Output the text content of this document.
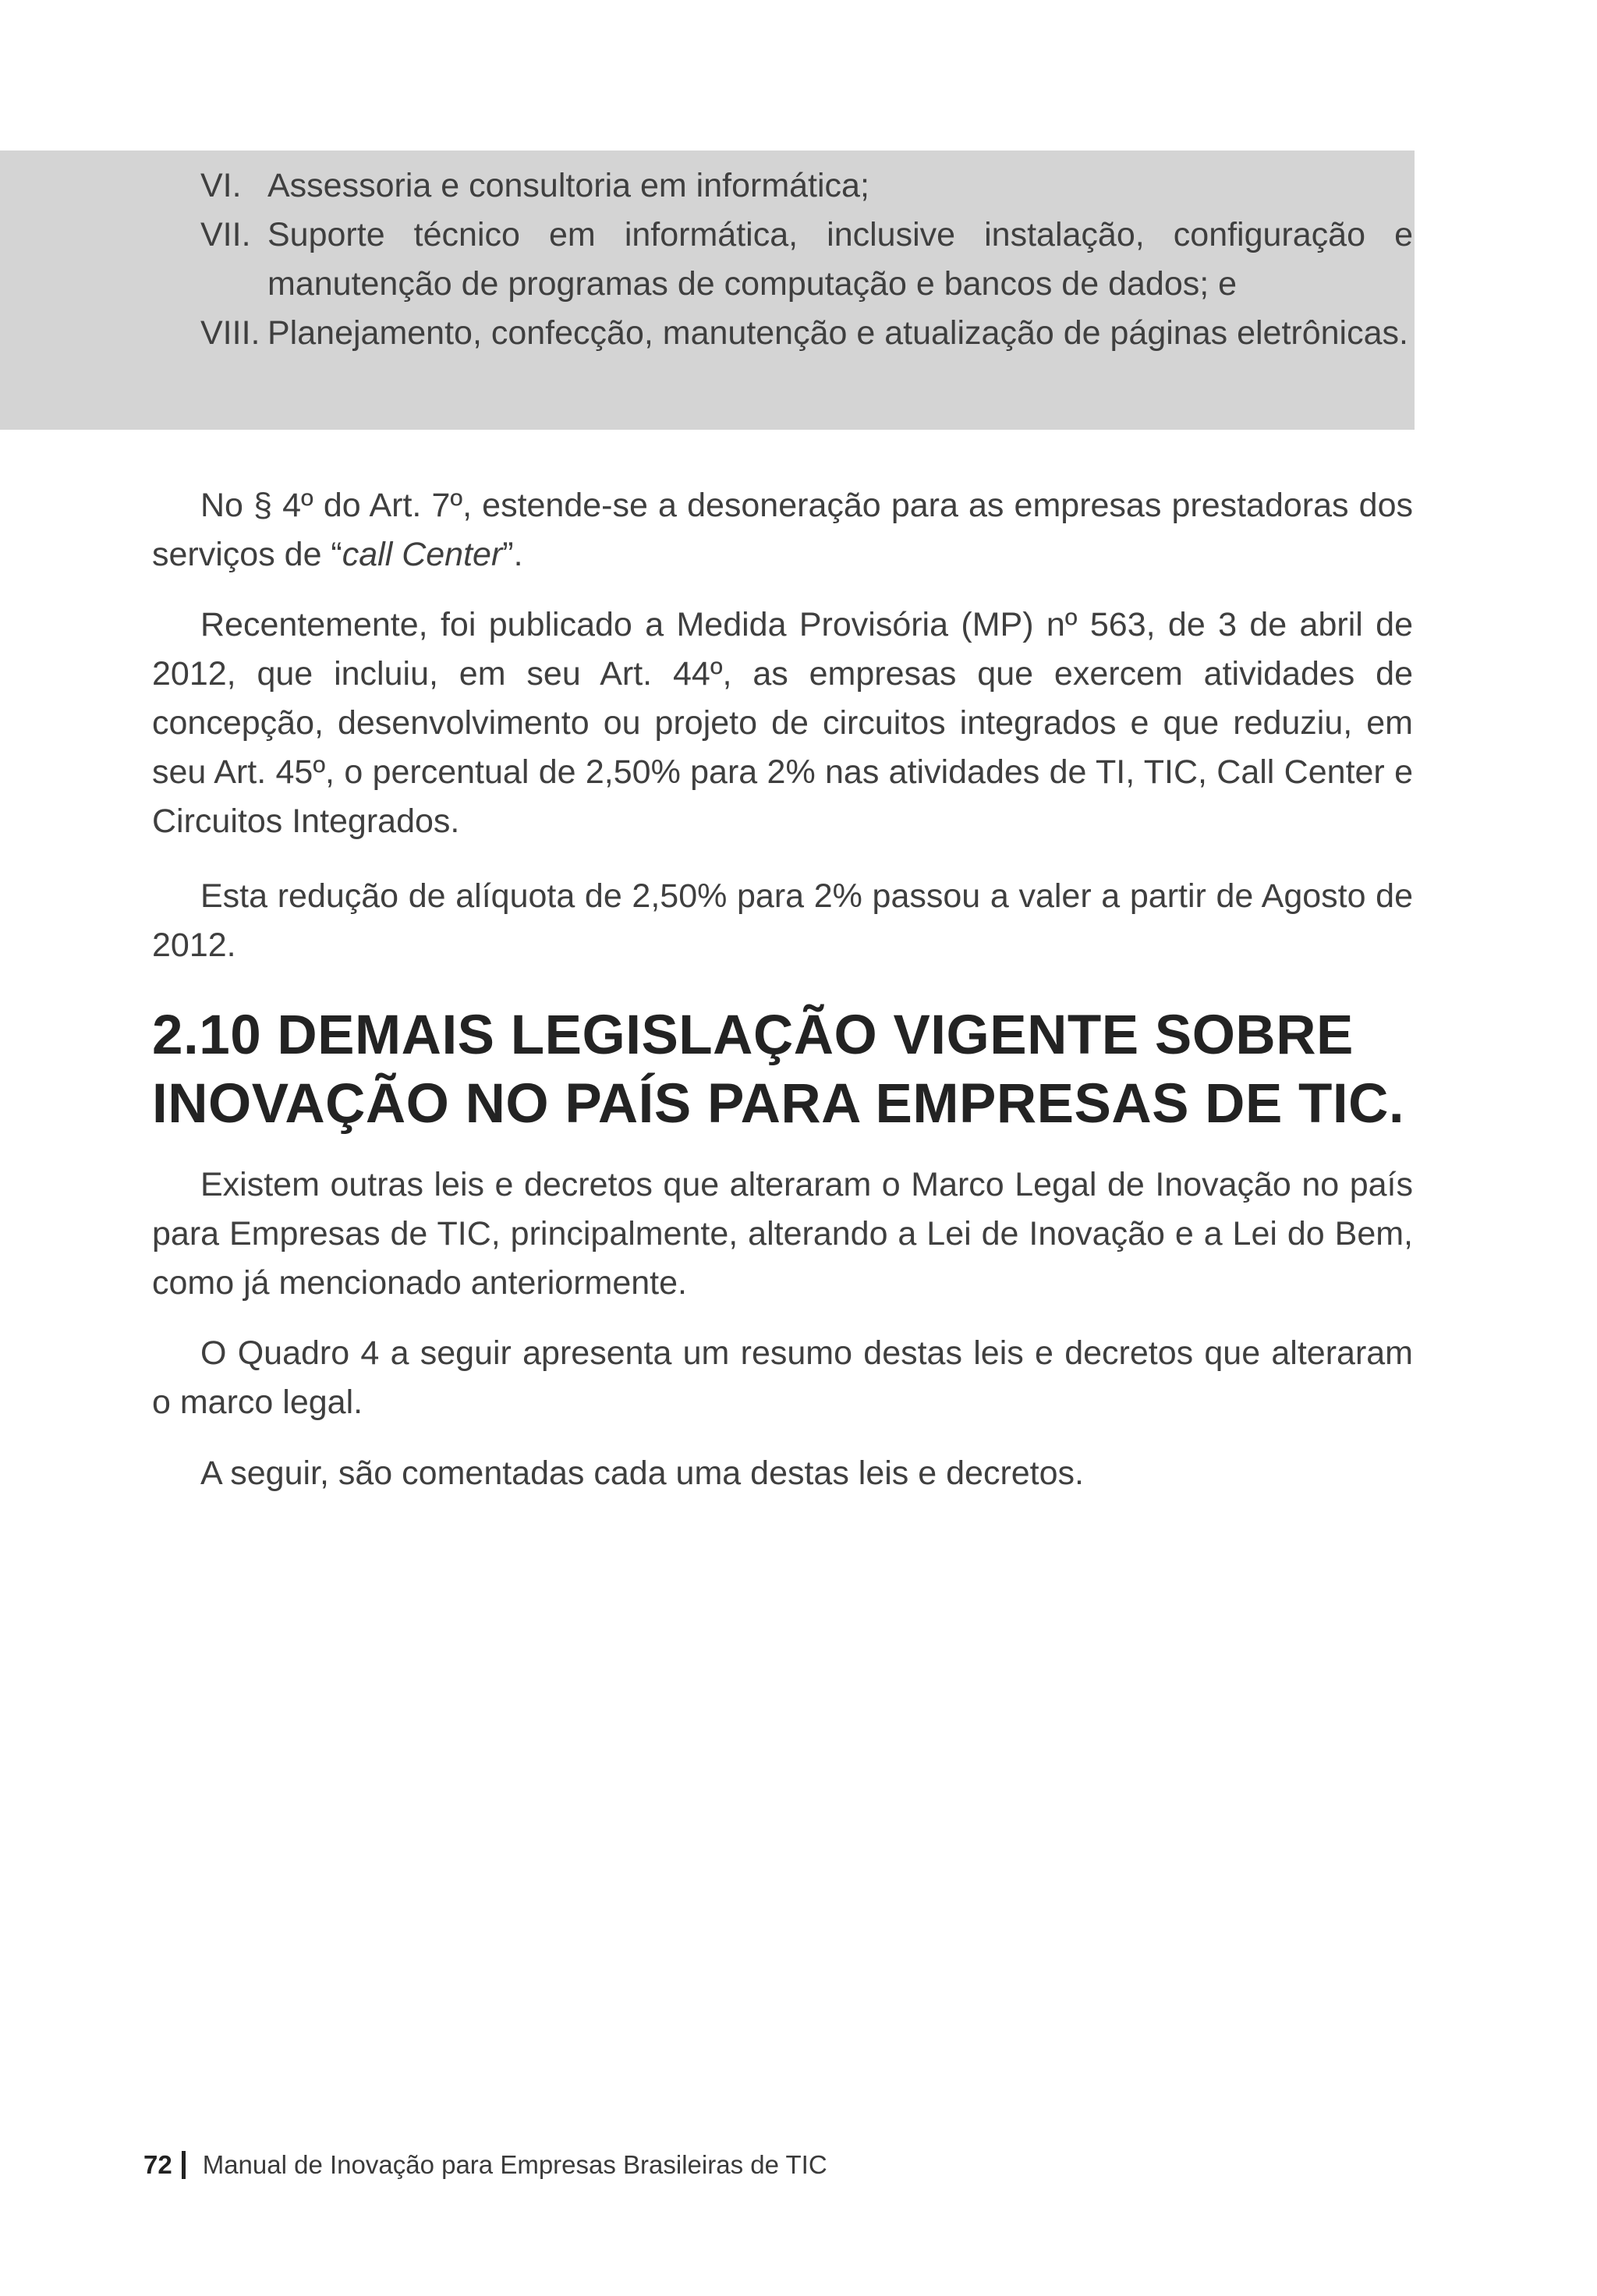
VI. Assessoria e consultoria em informática;
VII. Suporte técnico em informática, inclusive instalação, configuração e manutenção de programas de computação e bancos de dados; e
VIII. Planejamento, confecção, manutenção e atualização de páginas eletrônicas.

No § 4º do Art. 7º, estende-se a desoneração para as empresas prestadoras dos serviços de “call Center”.

Recentemente, foi publicado a Medida Provisória (MP) nº 563, de 3 de abril de 2012, que incluiu, em seu Art. 44º, as empresas que exercem atividades de concepção, desenvolvimento ou projeto de circuitos integrados e que reduziu, em seu Art. 45º, o percentual de 2,50% para 2% nas atividades de TI, TIC, Call Center e Circuitos Integrados.

Esta redução de alíquota de 2,50% para 2% passou a valer a partir de Agosto de 2012.

2.10 DEMAIS LEGISLAÇÃO VIGENTE SOBRE
INOVAÇÃO NO PAÍS PARA EMPRESAS DE TIC.

Existem outras leis e decretos que alteraram o Marco Legal de Inovação no país para Empresas de TIC, principalmente, alterando a Lei de Inovação e a Lei do Bem, como já mencionado anteriormente.

O Quadro 4 a seguir apresenta um resumo destas leis e decretos que alteraram o marco legal.

A seguir, são comentadas cada uma destas leis e decretos.

72 Manual de Inovação para Empresas Brasileiras de TIC
